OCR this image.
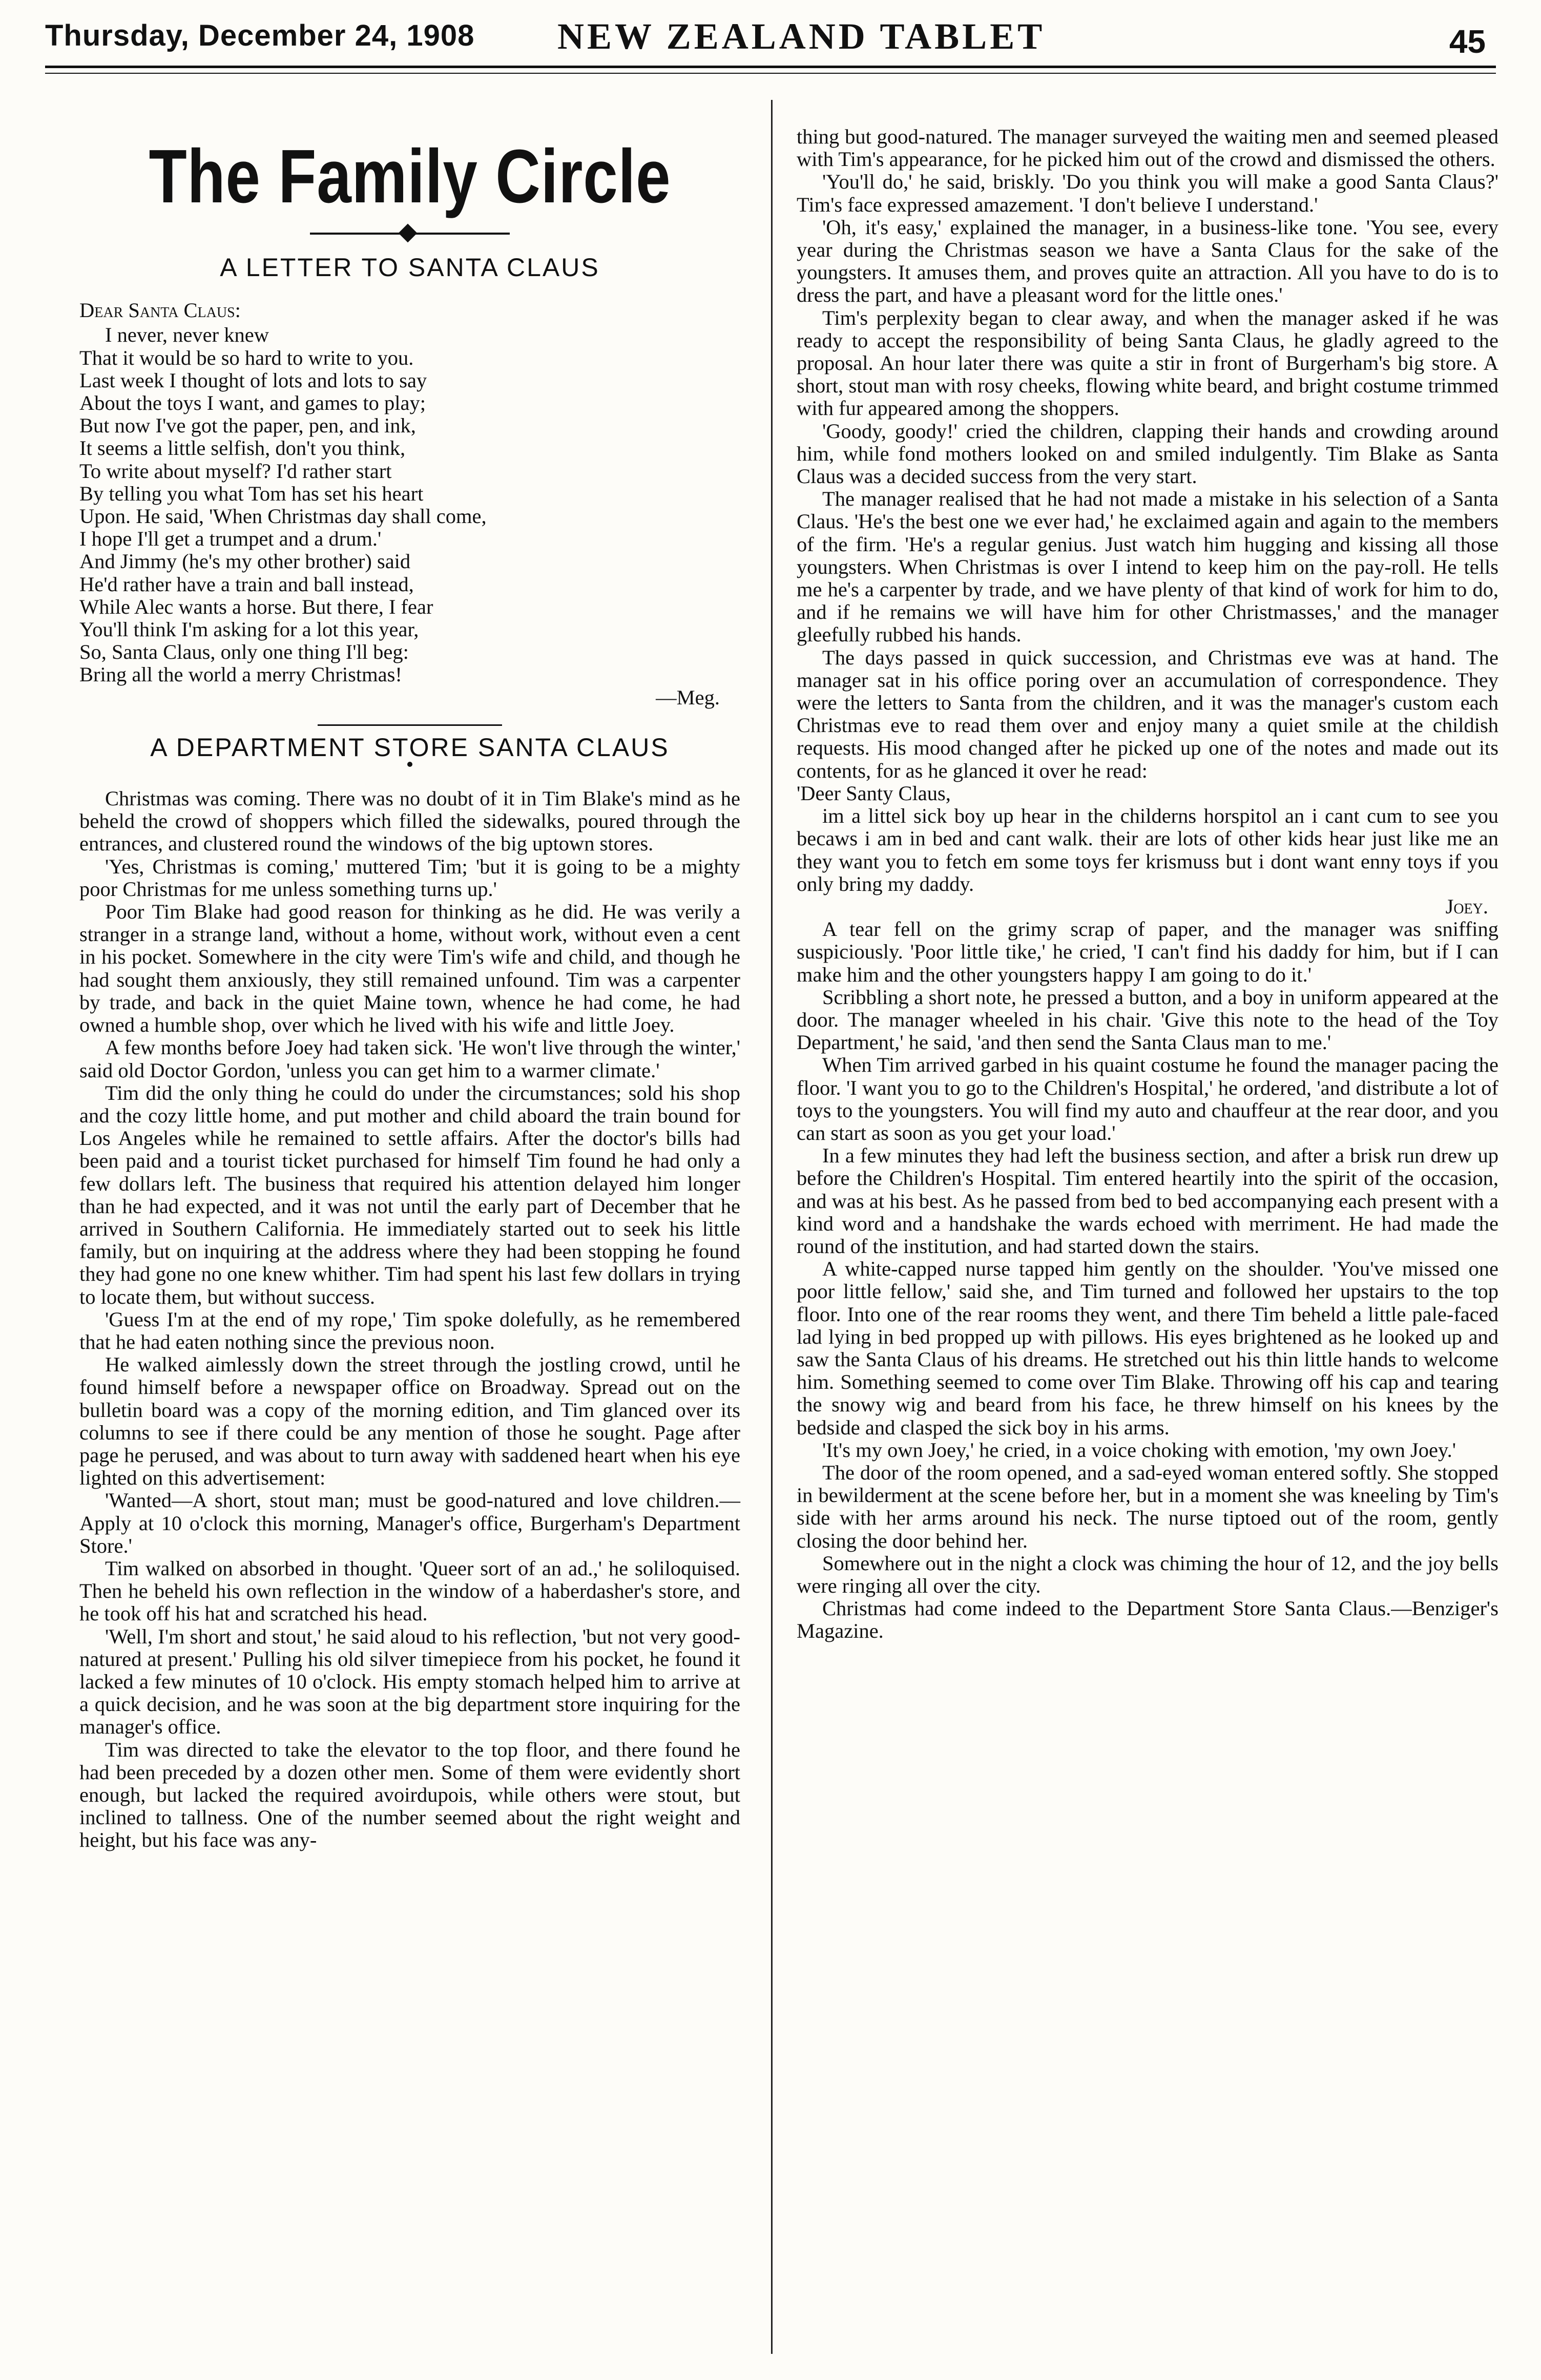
Thursday, December 24, 1908 NEW ZEALAND TABLET	45
The Family Circle
A LETTER TO SANTA CLAUS
Dear Santa Claus:
I never, never knew
That it would be so hard to write to you.
Last week I thought of lots and lots to say
About the toys I want, and games to play;
But now I've got the paper, pen, and ink,
It seems a little selfish, don't you think,
To write about myself? I'd rather start
By telling you what Tom has set his heart
Upon. He said, 'When Christmas day shall come,
I hope I'll get a trumpet and a drum.'
And Jimmy (he's my other brother) said
He'd rather have a train and ball instead,
While Alec wants a horse. But there, I fear
You'll think I'm asking for a lot this year,
So, Santa Claus, only one thing I'll beg:
Bring all the world a merry Christmas!
—Meg.
A DEPARTMENT STORE SANTA CLAUS

Christmas was coming. There was no doubt of it in Tim Blake's mind as he beheld the crowd of shoppers which filled the sidewalks, poured through the entrances, and clustered round the windows of the big uptown stores.

'Yes, Christmas is coming,' muttered Tim; 'but it is going to be a mighty poor Christmas for me unless something turns up.'

Poor Tim Blake had good reason for thinking as he did. He was verily a stranger in a strange land, without a home, without work, without even a cent in his pocket. Somewhere in the city were Tim's wife and child, and though he had sought them anxiously, they still remained unfound. Tim was a carpenter by trade, and back in the quiet Maine town, whence he had come, he had owned a humble shop, over which he lived with his wife and little Joey.

A few months before Joey had taken sick. 'He won't live through the winter,' said old Doctor Gordon, 'unless you can get him to a warmer climate.'

Tim did the only thing he could do under the circumstances; sold his shop and the cozy little home, and put mother and child aboard the train bound for Los Angeles while he remained to settle affairs. After the doctor's bills had been paid and a tourist ticket purchased for himself Tim found he had only a few dollars left. The business that required his attention delayed him longer than he had expected, and it was not until the early part of December that he arrived in Southern California. He immediately started out to seek his little family, but on inquiring at the address where they had been stopping he found they had gone no one knew whither. Tim had spent his last few dollars in trying to locate them, but without success.

'Guess I'm at the end of my rope,' Tim spoke dolefully, as he remembered that he had eaten nothing since the previous noon.

He walked aimlessly down the street through the jostling crowd, until he found himself before a newspaper office on Broadway. Spread out on the bulletin board was a copy of the morning edition, and Tim glanced over its columns to see if there could be any mention of those he sought. Page after page he perused, and was about to turn away with saddened heart when his eye lighted on this advertisement:

'Wanted—A short, stout man; must be good-natured and love children.—Apply at 10 o'clock this morning, Manager's office, Burgerham's Department Store.'

Tim walked on absorbed in thought. 'Queer sort of an ad.,' he soliloquised. Then he beheld his own reflection in the window of a haberdasher's store, and he took off his hat and scratched his head.

'Well, I'm short and stout,' he said aloud to his reflection, 'but not very good-natured at present.' Pulling his old silver timepiece from his pocket, he found it lacked a few minutes of 10 o'clock. His empty stomach helped him to arrive at a quick decision, and he was soon at the big department store inquiring for the manager's office.

Tim was directed to take the elevator to the top floor, and there found he had been preceded by a dozen other men. Some of them were evidently short enough, but lacked the required avoirdupois, while others were stout, but inclined to tallness. One of the number seemed about the right weight and height, but his face was any-

thing but good-natured. The manager surveyed the waiting men and seemed pleased with Tim's appearance, for he picked him out of the crowd and dismissed the others.

'You'll do,' he said, briskly. 'Do you think you will make a good Santa Claus?' Tim's face expressed amazement. 'I don't believe I understand.'

'Oh, it's easy,' explained the manager, in a business-like tone. 'You see, every year during the Christmas season we have a Santa Claus for the sake of the youngsters. It amuses them, and proves quite an attraction. All you have to do is to dress the part, and have a pleasant word for the little ones.'

Tim's perplexity began to clear away, and when the manager asked if he was ready to accept the responsibility of being Santa Claus, he gladly agreed to the proposal. An hour later there was quite a stir in front of Burgerham's big store. A short, stout man with rosy cheeks, flowing white beard, and bright costume trimmed with fur appeared among the shoppers.

'Goody, goody!' cried the children, clapping their hands and crowding around him, while fond mothers looked on and smiled indulgently. Tim Blake as Santa Claus was a decided success from the very start.

The manager realised that he had not made a mistake in his selection of a Santa Claus. 'He's the best one we ever had,' he exclaimed again and again to the members of the firm. 'He's a regular genius. Just watch him hugging and kissing all those youngsters. When Christmas is over I intend to keep him on the pay-roll. He tells me he's a carpenter by trade, and we have plenty of that kind of work for him to do, and if he remains we will have him for other Christmasses,' and the manager gleefully rubbed his hands.

The days passed in quick succession, and Christmas eve was at hand. The manager sat in his office poring over an accumulation of correspondence. They were the letters to Santa from the children, and it was the manager's custom each Christmas eve to read them over and enjoy many a quiet smile at the childish requests. His mood changed after he picked up one of the notes and made out its contents, for as he glanced it over he read:

'Deer Santy Claus,

im a littel sick boy up hear in the childerns horspitol an i cant cum to see you becaws i am in bed and cant walk. their are lots of other kids hear just like me an they want you to fetch em some toys fer krismuss but i dont want enny toys if you only bring my daddy.

Joey.

A tear fell on the grimy scrap of paper, and the manager was sniffing suspiciously. 'Poor little tike,' he cried, 'I can't find his daddy for him, but if I can make him and the other youngsters happy I am going to do it.'

Scribbling a short note, he pressed a button, and a boy in uniform appeared at the door. The manager wheeled in his chair. 'Give this note to the head of the Toy Department,' he said, 'and then send the Santa Claus man to me.'

When Tim arrived garbed in his quaint costume he found the manager pacing the floor. 'I want you to go to the Children's Hospital,' he ordered, 'and distribute a lot of toys to the youngsters. You will find my auto and chauffeur at the rear door, and you can start as soon as you get your load.'

In a few minutes they had left the business section, and after a brisk run drew up before the Children's Hospital. Tim entered heartily into the spirit of the occasion, and was at his best. As he passed from bed to bed accompanying each present with a kind word and a handshake the wards echoed with merriment. He had made the round of the institution, and had started down the stairs.

A white-capped nurse tapped him gently on the shoulder. 'You've missed one poor little fellow,' said she, and Tim turned and followed her upstairs to the top floor. Into one of the rear rooms they went, and there Tim beheld a little pale-faced lad lying in bed propped up with pillows. His eyes brightened as he looked up and saw the Santa Claus of his dreams. He stretched out his thin little hands to welcome him. Something seemed to come over Tim Blake. Throwing off his cap and tearing the snowy wig and beard from his face, he threw himself on his knees by the bedside and clasped the sick boy in his arms.

'It's my own Joey,' he cried, in a voice choking with emotion, 'my own Joey.'

The door of the room opened, and a sad-eyed woman entered softly. She stopped in bewilderment at the scene before her, but in a moment she was kneeling by Tim's side with her arms around his neck. The nurse tiptoed out of the room, gently closing the door behind her.

Somewhere out in the night a clock was chiming the hour of 12, and the joy bells were ringing all over the city.

Christmas had come indeed to the Department Store Santa Claus.—Benziger's Magazine.
